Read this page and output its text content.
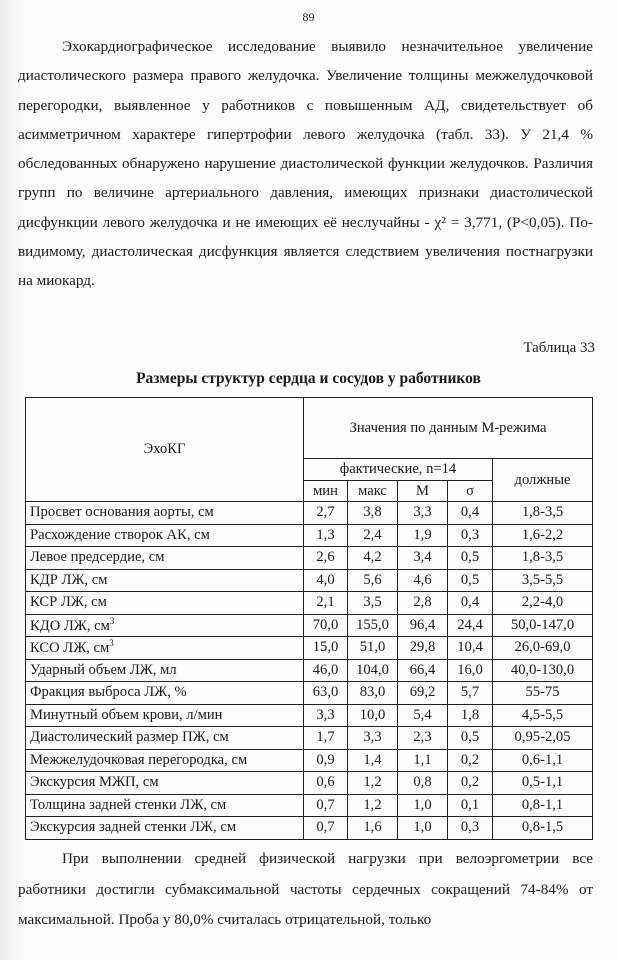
89

Эхокардиографическое исследование выявило незначительное увеличение диастолического размера правого желудочка. Увеличение толщины межжелудочковой перегородки, выявленное у работников с повышенным АД, свидетельствует об асимметричном характере гипертрофии левого желудочка (табл. 33). У 21,4 % обследованных обнаружено нарушение диастолической функции желудочков. Различия групп по величине артериального давления, имеющих признаки диастолической дисфункции левого желудочка и не имеющих её неслучайны - χ² = 3,771, (P<0,05). По-видимому, диастолическая дисфункция является следствием увеличения постнагрузки на миокард.

Таблица 33
Размеры структур сердца и сосудов у работников
ЭхоКГ	Значения по данным М-режима				
	фактические, n=14				должные
	мин	макс	М	σ	
Просвет основания аорты, см	2,7	3,8	3,3	0,4	1,8-3,5
Расхождение створок АК, см	1,3	2,4	1,9	0,3	1,6-2,2
Левое предсердие, см	2,6	4,2	3,4	0,5	1,8-3,5
КДР ЛЖ, см	4,0	5,6	4,6	0,5	3,5-5,5
КСР ЛЖ, см	2,1	3,5	2,8	0,4	2,2-4,0
КДО ЛЖ, $см^3$	70,0	155,0	96,4	24,4	50,0-147,0
КСО ЛЖ, $см^3$	15,0	51,0	29,8	10,4	26,0-69,0
Ударный объем ЛЖ, мл	46,0	104,0	66,4	16,0	40,0-130,0
Фракция выброса ЛЖ, %	63,0	83,0	69,2	5,7	55-75
Минутный объем крови, л/мин	3,3	10,0	5,4	1,8	4,5-5,5
Диастолический размер ПЖ, см	1,7	3,3	2,3	0,5	0,95-2,05
Межжелудочковая перегородка, см	0,9	1,4	1,1	0,2	0,6-1,1
Экскурсия МЖП, см	0,6	1,2	0,8	0,2	0,5-1,1
Толщина задней стенки ЛЖ, см	0,7	1,2	1,0	0,1	0,8-1,1
Экскурсия задней стенки ЛЖ, см	0,7	1,6	1,0	0,3	0,8-1,5

При выполнении средней физической нагрузки при велоэргометрии все работники достигли субмаксимальной частоты сердечных сокращений 74-84% от максимальной. Проба у 80,0% считалась отрицательной, только
